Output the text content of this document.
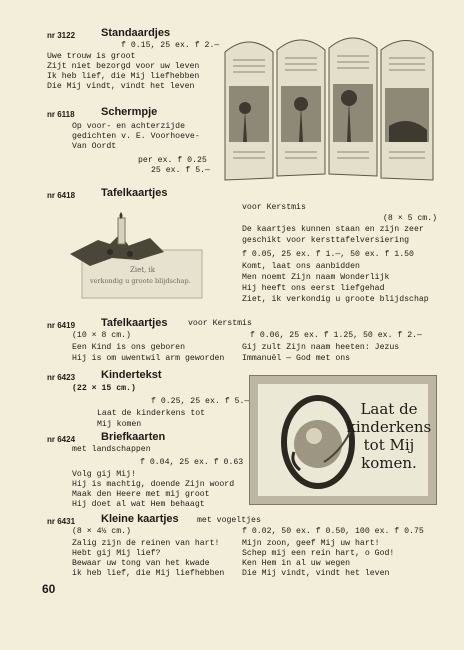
nr 3122 Standaardjes
f 0.15, 25 ex. f 2.—
Uwe trouw is groot
Zijt niet bezorgd voor uw leven
Ik heb lief, die Mij liefhebben
Die Mij vindt, vindt het leven
nr 6118 Schermpje
Op voor- en achterzijde
gedichten v. E. Voorhoeve-
Van Oordt
per ex. f 0.25
25 ex. f 5.—
nr 6418 Tafelkaartjes
Ziet, ik
verkondig u groote blijdschap.
voor Kerstmis
(8 × 5 cm.)
De kaartjes kunnen staan en zijn zeer
geschikt voor kersttafelversiering
f 0.05, 25 ex. f 1.—, 50 ex. f 1.50
Komt, laat ons aanbidden
Men noemt Zijn naam Wonderlijk
Hij heeft ons eerst liefgehad
Ziet, ik verkondig u groote blijdschap
nr 6419 Tafelkaartjes	voor Kerstmis
(10 × 8 cm.)
Een Kind is ons geboren
Hij is om uwentwil arm geworden
f 0.06, 25 ex. f 1.25, 50 ex. f 2.—
Gij zult Zijn naam heeten: Jezus
Immanuël — God met ons
nr 6423 Kindertekst
(22 × 15 cm.)
f 0.25, 25 ex. f 5.—
Laat de kinderkens tot
Mij komen
Laat de
kinderkens
tot Mij
komen.
nr 6424 Briefkaarten
met landschappen
f 0.04, 25 ex. f 0.63
Volg gij Mij!
Hij is machtig, doende Zijn woord
Maak den Heere met mij groot
Hij doet al wat Hem behaagt
nr 6431 Kleine kaartjes met vogeltjes
(8 × 4½ cm.)	f 0.02, 50 ex. f 0.50, 100 ex. f 0.75
Zalig zijn de reinen van hart!
Hebt gij Mij lief?
Bewaar uw tong van het kwade
ik heb lief, die Mij liefhebben
Mijn zoon, geef Mij uw hart!
Schep mij een rein hart, o God!
Ken Hem in al uw wegen
Die Mij vindt, vindt het leven
60
